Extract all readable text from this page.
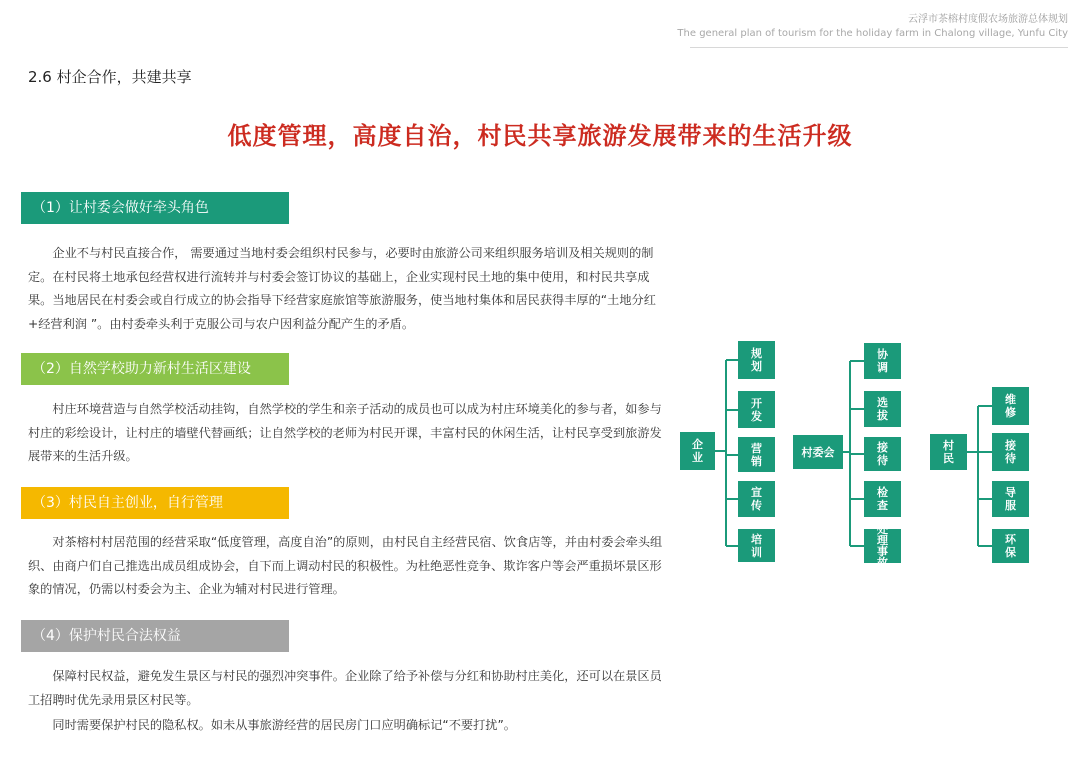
云浮市茶榕村度假农场旅游总体规划
The general plan of tourism for the holiday farm in Chalong village, Yunfu City
2.6 村企合作，共建共享
低度管理，高度自治，村民共享旅游发展带来的生活升级
（1）让村委会做好牵头角色

企业不与村民直接合作， 需要通过当地村委会组织村民参与，必要时由旅游公司来组织服务培训及相关规则的制定。在村民将土地承包经营权进行流转并与村委会签订协议的基础上，企业实现村民土地的集中使用，和村民共享成果。当地居民在村委会或自行成立的协会指导下经营家庭旅馆等旅游服务，使当地村集体和居民获得丰厚的“土地分红+经营利润 ”。由村委牵头利于克服公司与农户因利益分配产生的矛盾。

（2）自然学校助力新村生活区建设

村庄环境营造与自然学校活动挂钩，自然学校的学生和亲子活动的成员也可以成为村庄环境美化的参与者，如参与村庄的彩绘设计，让村庄的墙壁代替画纸；让自然学校的老师为村民开课，丰富村民的休闲生活，让村民享受到旅游发展带来的生活升级。

（3）村民自主创业，自行管理

对茶榕村村居范围的经营采取“低度管理，高度自治”的原则，由村民自主经营民宿、饮食店等，并由村委会牵头组织、由商户们自己推选出成员组成协会，自下而上调动村民的积极性。为杜绝恶性竞争、欺诈客户等会严重损坏景区形象的情况，仍需以村委会为主、企业为辅对村民进行管理。

（4）保护村民合法权益

保障村民权益，避免发生景区与村民的强烈冲突事件。企业除了给予补偿与分红和协助村庄美化，还可以在景区员工招聘时优先录用景区村民等。

同时需要保护村民的隐私权。如未从事旅游经营的居民房门口应明确标记“不要打扰”。

企业
规划
开发
营销
宣传
培训
村委会
协调
选拔
接待
检查
处理事故
村民
维修
接待
导服
环保
